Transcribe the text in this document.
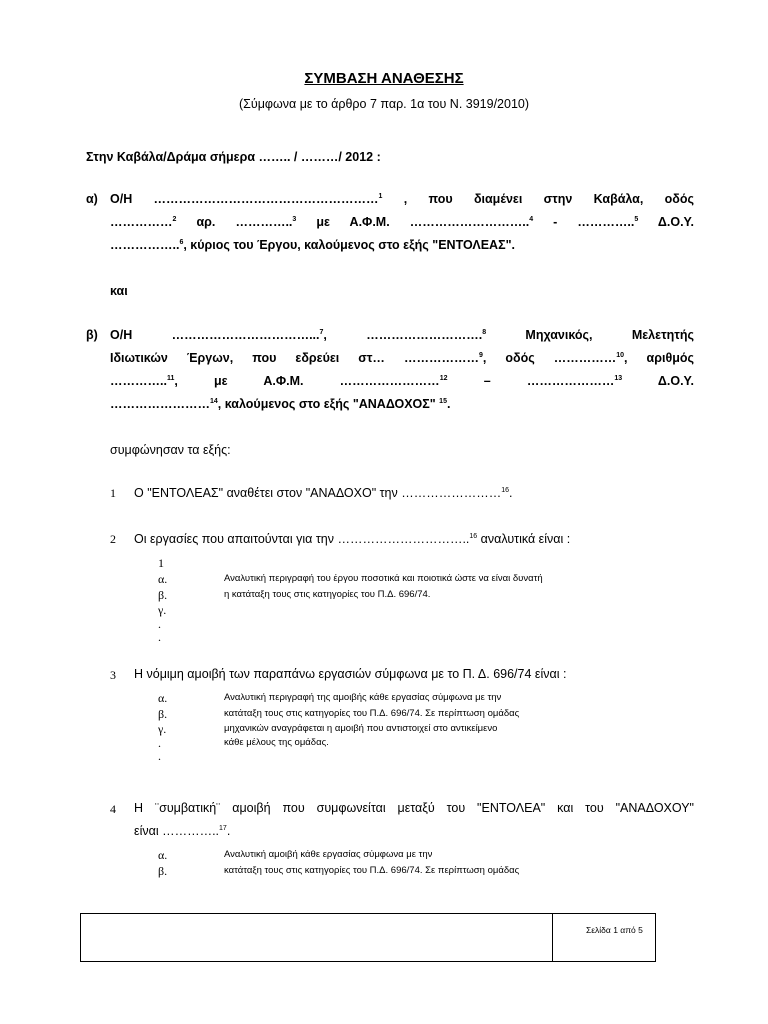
ΣΥΜΒΑΣΗ ΑΝΑΘΕΣΗΣ
(Σύμφωνα με το άρθρο 7 παρ. 1α του Ν. 3919/2010)
Στην Καβάλα/Δράμα σήμερα …….. / ………/ 2012 :
α) Ο/Η ………………………………………………$^1$ , που διαμένει στην Καβάλα, οδός
……………$^2$ αρ. …………..$^3$ με Α.Φ.Μ. ………………………..$^4$ - …………..$^5$ Δ.Ο.Υ.
……………..$^6$, κύριος του Έργου, καλούμενος στο εξής "ΕΝΤΟΛΕΑΣ".
και
β) Ο/Η ……………………………...$^7$, ……………………….$^8$ Μηχανικός, Μελετητής
Ιδιωτικών Έργων, που εδρεύει στ… ………………$^9$, οδός ……………$^{10}$, αριθμός
…………..$^{11}$, με Α.Φ.Μ. ……………………$^{12}$ – …………………$^{13}$ Δ.Ο.Υ.
……………………$^{14}$, καλούμενος στο εξής "ΑΝΑΔΟΧΟΣ" $^{15}$.
συμφώνησαν τα εξής:
1 Ο "ΕΝΤΟΛΕΑΣ" αναθέτει στον "ΑΝΑΔΟΧΟ" την ……………………$^{16}$.
2 Οι εργασίες που απαιτούνται για την …………………………..$^{16}$ αναλυτικά είναι :
1
α.	Αναλυτική περιγραφή του έργου ποσοτικά και ποιοτικά ώστε να είναι δυνατή
β.	η κατάταξη τους στις κατηγορίες του Π.Δ. 696/74.
γ.
.
.
3 Η νόμιμη αμοιβή των παραπάνω εργασιών σύμφωνα με το Π. Δ. 696/74 είναι :
α.	Αναλυτική περιγραφή της αμοιβής κάθε εργασίας σύμφωνα με την
β.	κατάταξη τους στις κατηγορίες του Π.Δ. 696/74. Σε περίπτωση ομάδας
γ.	μηχανικών αναγράφεται η αμοιβή που αντιστοιχεί στο αντικείμενο
.	κάθε μέλους της ομάδας.
.
4 Η ¨συμβατική¨ αμοιβή που συμφωνείται μεταξύ του "ΕΝΤΟΛΕΑ" και του "ΑΝΑΔΟΧΟΥ"
είναι …………..$^{17}$.
α.	Αναλυτική αμοιβή κάθε εργασίας σύμφωνα με την
β.	κατάταξη τους στις κατηγορίες του Π.Δ. 696/74. Σε περίπτωση ομάδας
Σελίδα 1 από 5
